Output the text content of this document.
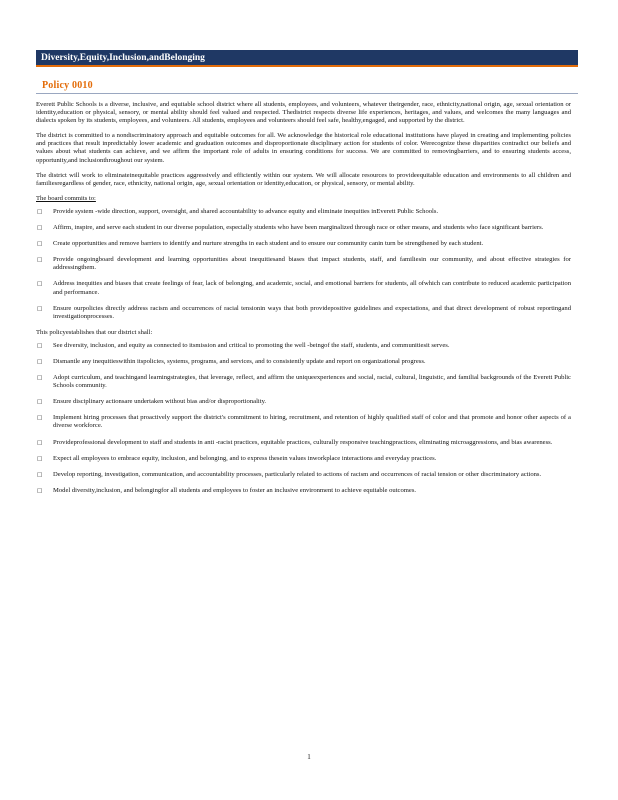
Diversity,Equity,Inclusion,andBelonging
Policy 0010

Everett Public Schools is a diverse, inclusive, and equitable school district where all students, employees, and volunteers, whatever theirgender, race, ethnicity,national origin, age, sexual orientation or identity,education or physical, sensory, or mental ability should feel valued and respected. Thedistrict respects diverse life experiences, heritages, and values, and welcomes the many languages and dialects spoken by its students, employees, and volunteers. All students, employees and volunteers should feel safe, healthy,engaged, and supported by the district.

The district is committed to a nondiscriminatory approach and equitable outcomes for all. We acknowledge the historical role educational institutions have played in creating and implementing policies and practices that result inpredictably lower academic and graduation outcomes and disproportionate disciplinary action for students of color. Werecognize these disparities contradict our beliefs and values about what students can achieve, and we affirm the important role of adults in ensuring conditions for success. We are committed to removingbarriers, and to ensuring students access, opportunity,and inclusionthroughout our system.

The district will work to eliminateinequitable practices aggressively and efficiently within our system. We will allocate resources to provideequitable education and environments to all children and familiesregardless of gender, race, ethnicity, national origin, age, sexual orientation or identity,education, or physical, sensory, or mental ability.

The board commits to:

□ Provide system -wide direction, support, oversight, and shared accountability to advance equity and eliminate inequities inEverett Public Schools.
□ Affirm, inspire, and serve each student in our diverse population, especially students who have been marginalized through race or other means, and students who face significant barriers.
□ Create opportunities and remove barriers to identify and nurture strengths in each student and to ensure our community canin turn be strengthened by each student.
□ Provide ongoingboard development and learning opportunities about inequitiesand biases that impact students, staff, and familiesin our community, and about effective strategies for addressingthem.
□ Address inequities and biases that create feelings of fear, lack of belonging, and academic, social, and emotional barriers for students, all ofwhich can contribute to reduced academic participation and performance.
□ Ensure ourpolicies directly address racism and occurrences of racial tensionin ways that both providepositive guidelines and expectations, and that direct development of robust reportingand investigationprocesses.

This policyestablishes that our district shall:

□ See diversity, inclusion, and equity as connected to itsmission and critical to promoting the well -beingof the staff, students, and communitiesit serves.
□ Dismantle any inequitieswithin itspolicies, systems, programs, and services, and to consistently update and report on organizational progress.
□ Adopt curriculum, and teachingand learningstrategies, that leverage, reflect, and affirm the uniqueexperiences and social, racial, cultural, linguistic, and familial backgrounds of the Everett Public Schools community.
□ Ensure disciplinary actionsare undertaken without bias and/or disproportionality.
□ Implement hiring processes that proactively support the district's commitment to hiring, recruitment, and retention of highly qualified staff of color and that promote and honor other aspects of a diverse workforce.
□ Provideprofessional development to staff and students in anti -racist practices, equitable practices, culturally responsive teachingpractices, eliminating microaggressions, and bias awareness.
□ Expect all employees to embrace equity, inclusion, and belonging, and to express thesein values inworkplace interactions and everyday practices.
□ Develop reporting, investigation, communication, and accountability processes, particularly related to actions of racism and occurrences of racial tension or other discriminatory actions.
□ Model diversity,inclusion, and belongingfor all students and employees to foster an inclusive environment to achieve equitable outcomes.
1
